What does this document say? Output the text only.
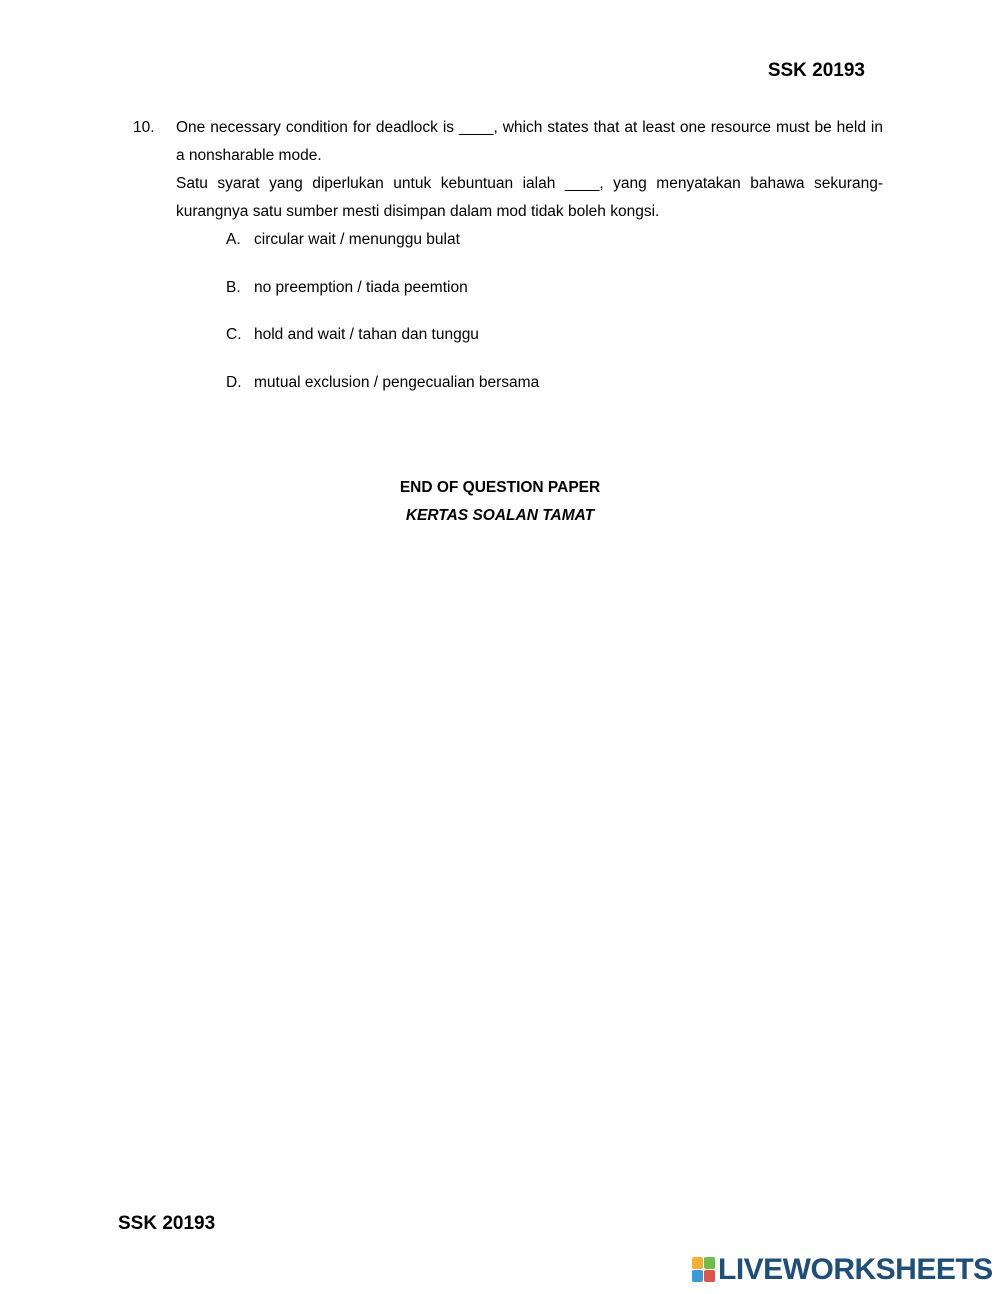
SSK 20193
10. One necessary condition for deadlock is ____, which states that at least one resource must be held in a nonsharable mode.

Satu syarat yang diperlukan untuk kebuntuan ialah ____, yang menyatakan bahawa sekurang-kurangnya satu sumber mesti disimpan dalam mod tidak boleh kongsi.

A. circular wait / menunggu bulat
B. no preemption / tiada peemtion
C. hold and wait / tahan dan tunggu
D. mutual exclusion / pengecualian bersama
END OF QUESTION PAPER
KERTAS SOALAN TAMAT
SSK 20193
LIVEWORKSHEETS
